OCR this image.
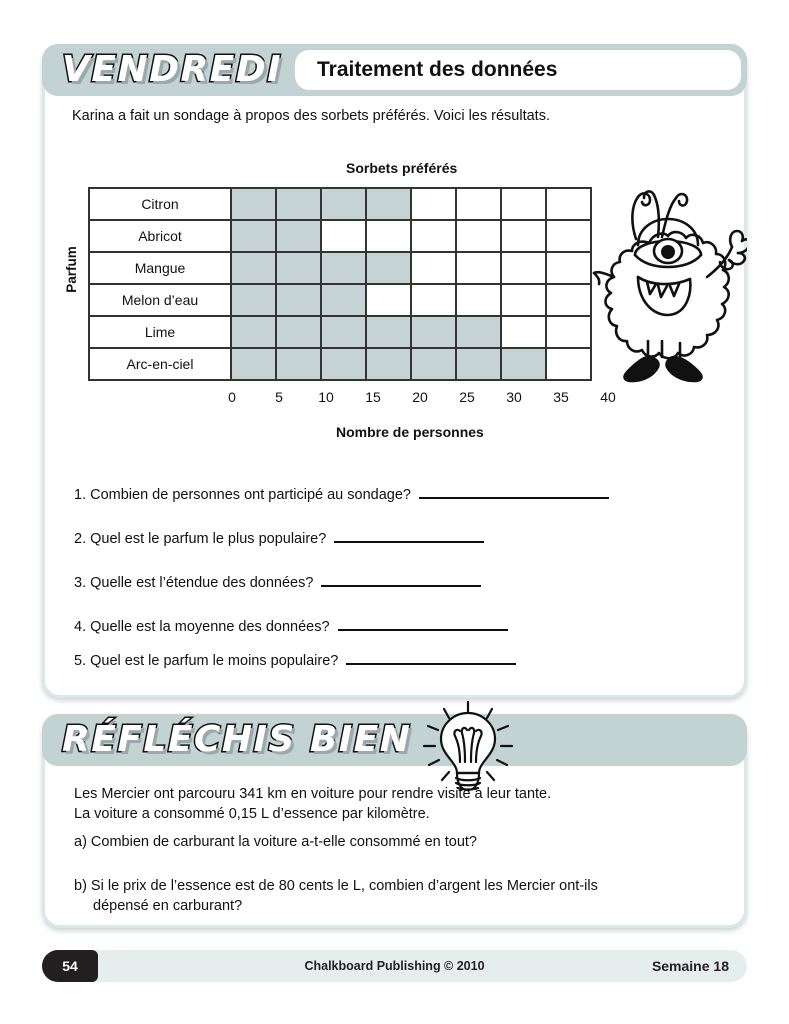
VENDREDI Traitement des données
Karina a fait un sondage à propos des sorbets préférés. Voici les résultats.
Sorbets préférés
Parfum
Citron								
Abricot								
Mangue								
Melon d’eau								
Lime								
Arc-en-ciel								
0	5	10 15 20 25 30 35 40
Nombre de personnes
1. Combien de personnes ont participé au sondage?
2. Quel est le parfum le plus populaire?
3. Quelle est l’étendue des données?
4. Quelle est la moyenne des données?
5. Quel est le parfum le moins populaire?
RÉFLÉCHIS BIEN
Les Mercier ont parcouru 341 km en voiture pour rendre visite à leur tante.
La voiture a consommé 0,15 L d’essence par kilomètre.
a) Combien de carburant la voiture a-t-elle consommé en tout?
b) Si le prix de l’essence est de 80 cents le L, combien d’argent les Mercier ont-ils
dépensé en carburant?
Chalkboard Publishing © 2010
54	Semaine 18
